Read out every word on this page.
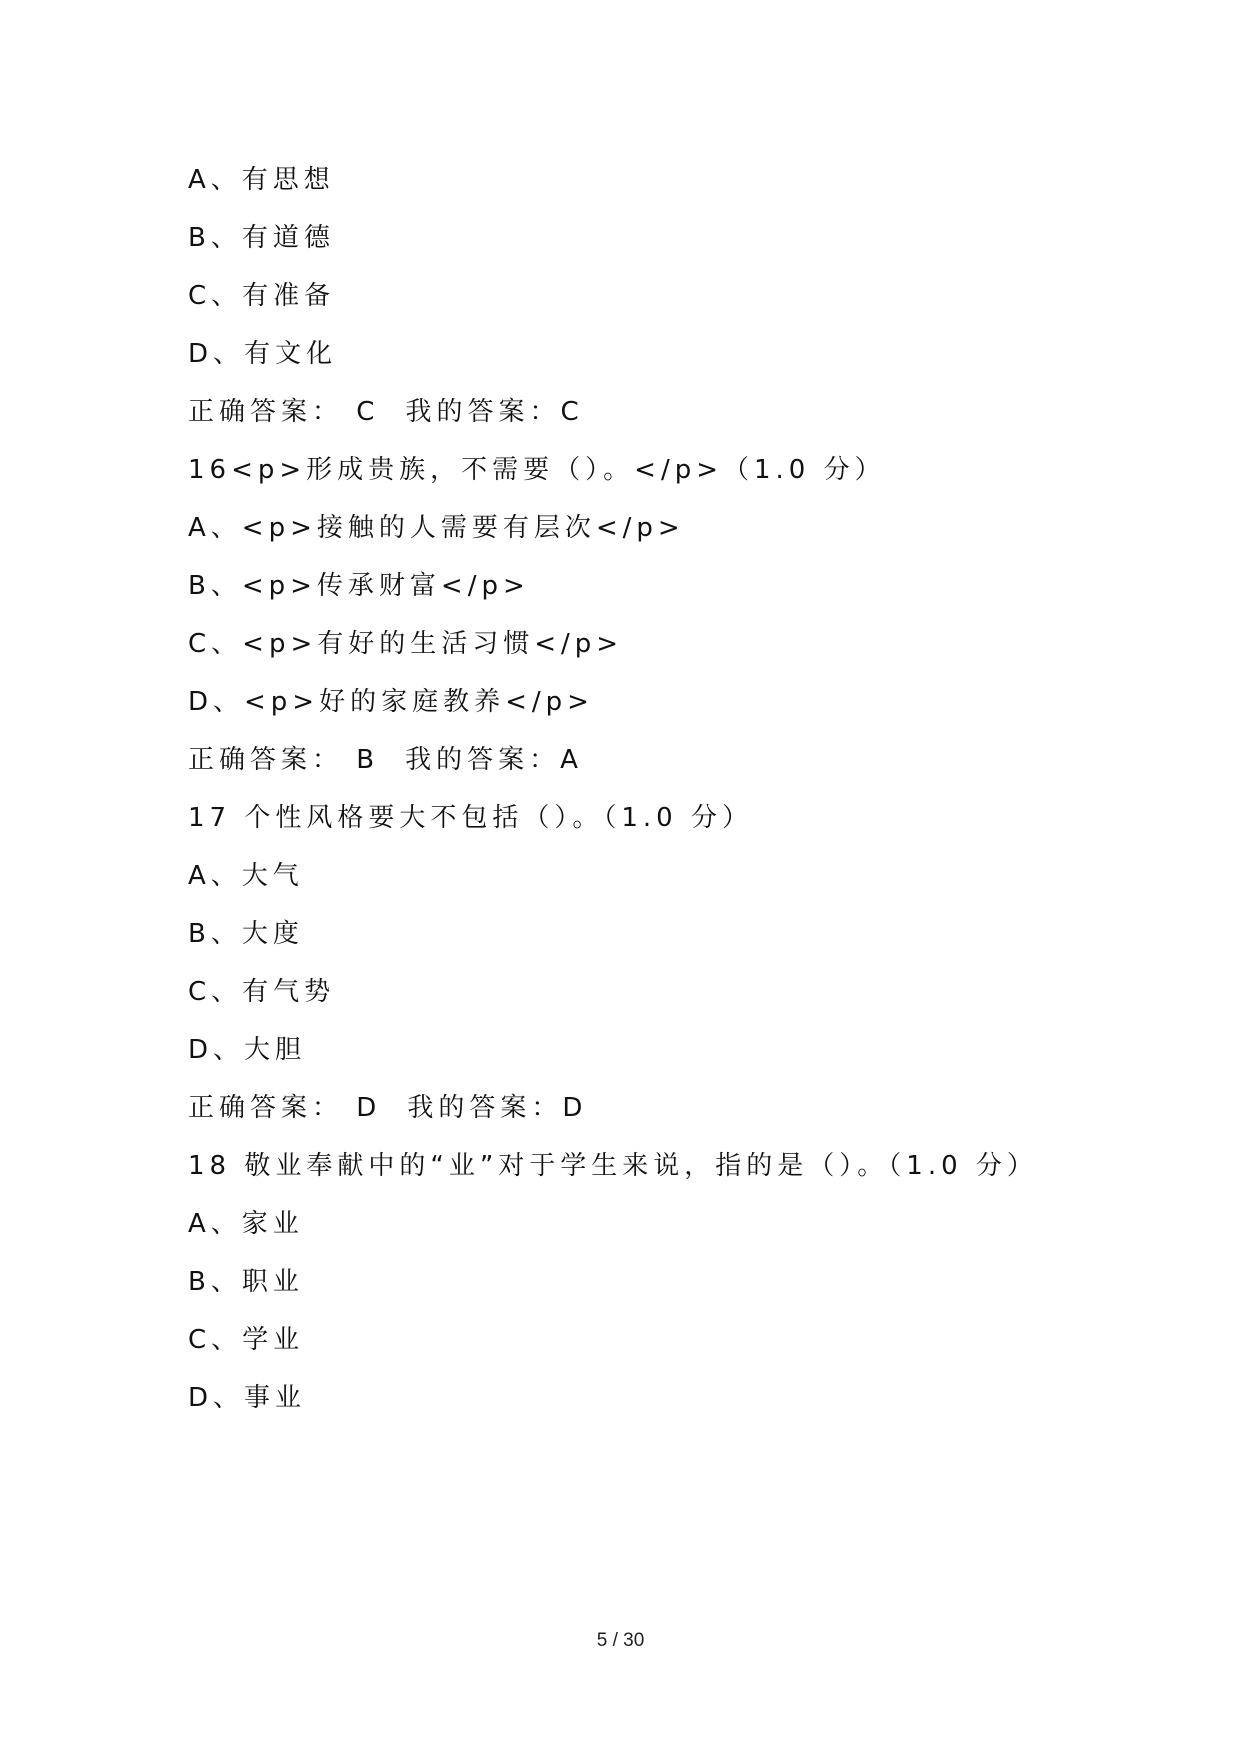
A、有思想
B、有道德
C、有准备
D、有文化
正确答案： C 我的答案：C
16<p>形成贵族，不需要（）。</p>（1.0 分）
A、<p>接触的人需要有层次</p>
B、<p>传承财富</p>
C、<p>有好的生活习惯</p>
D、<p>好的家庭教养</p>
正确答案： B 我的答案：A
17 个性风格要大不包括（）。（1.0 分）
A、大气
B、大度
C、有气势
D、大胆
正确答案： D 我的答案：D
18 敬业奉献中的“业”对于学生来说，指的是（）。（1.0 分）
A、家业
B、职业
C、学业
D、事业
5 / 30
